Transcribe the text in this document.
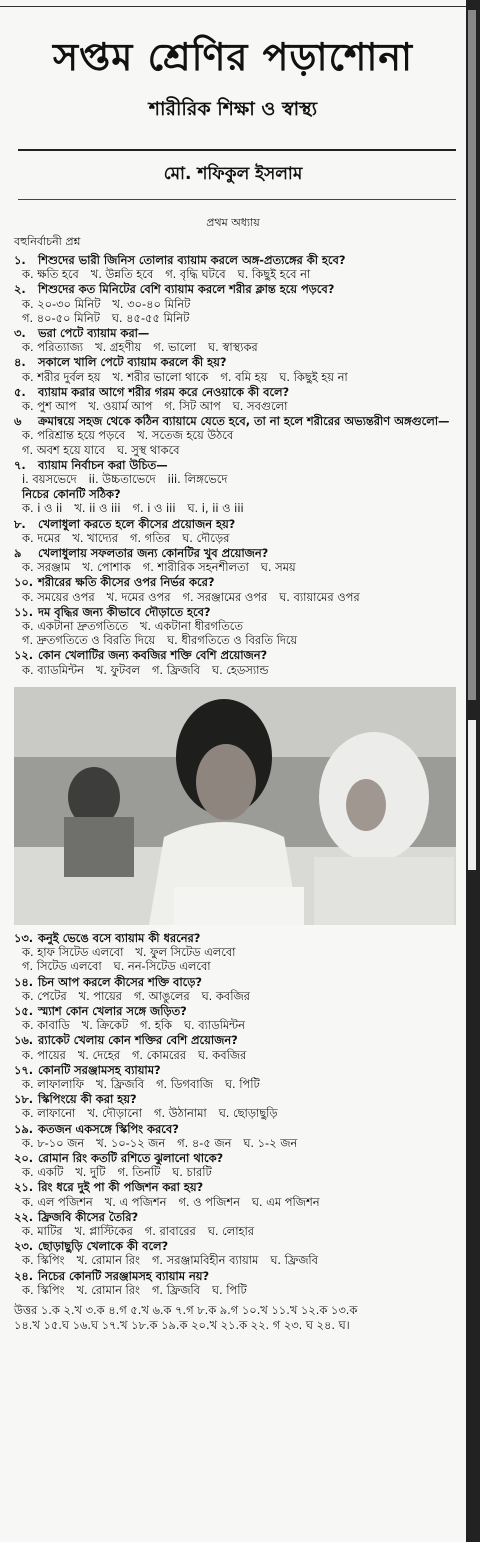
সপ্তম শ্রেণির পড়াশোনা
শারীরিক শিক্ষা ও স্বাস্থ্য
মো. শফিকুল ইসলাম
প্রথম অধ্যায়
বহুনির্বাচনী প্রশ্ন
১. শিশুদের ভারী জিনিস তোলার ব্যায়াম করলে অঙ্গ-প্রত্যঙ্গের কী হবে?
ক. ক্ষতি হবে খ. উন্নতি হবে গ. বৃদ্ধি ঘটবে ঘ. কিছুই হবে না
২. শিশুদের কত মিনিটের বেশি ব্যায়াম করলে শরীর ক্লান্ত হয়ে পড়বে?
ক. ২০-৩০ মিনিট খ. ৩০-৪০ মিনিট
গ. ৪০-৫০ মিনিট ঘ. ৪৫-৫৫ মিনিট
৩. ভরা পেটে ব্যায়াম করা—
ক. পরিত্যাজ্য খ. গ্রহণীয় গ. ভালো ঘ. স্বাস্থ্যকর
৪. সকালে খালি পেটে ব্যায়াম করলে কী হয়?
ক. শরীর দুর্বল হয় খ. শরীর ভালো থাকে গ. বমি হয় ঘ. কিছুই হয় না
৫. ব্যায়াম করার আগে শরীর গরম করে নেওয়াকে কী বলে?
ক. পুশ আপ খ. ওয়ার্ম আপ গ. সিট আপ ঘ. সবগুলো
৬ ক্রমান্বয়ে সহজ থেকে কঠিন ব্যায়ামে যেতে হবে, তা না হলে শরীরের অভ্যন্তরীণ অঙ্গগুলো—
ক. পরিশ্রান্ত হয়ে পড়বে খ. সতেজ হয়ে উঠবে
গ. অবশ হয়ে যাবে ঘ. সুস্থ থাকবে
৭. ব্যায়াম নির্বাচন করা উচিত—
i. বয়সভেদে ii. উচ্চতাভেদে iii. লিঙ্গভেদে
নিচের কোনটি সঠিক?
ক. i ও ii খ. ii ও iii গ. i ও iii ঘ. i, ii ও iii
৮. খেলাধুলা করতে হলে কীসের প্রয়োজন হয়?
ক. দমের খ. খাদ্যের গ. গতির ঘ. দৌড়ের
৯ খেলাধুলায় সফলতার জন্য কোনটির খুব প্রয়োজন?
ক. সরঞ্জাম খ. পোশাক গ. শারীরিক সহনশীলতা ঘ. সময়
১০. শরীরের ক্ষতি কীসের ওপর নির্ভর করে?
ক. সময়ের ওপর খ. দমের ওপর গ. সরঞ্জামের ওপর ঘ. ব্যায়ামের ওপর
১১. দম বৃদ্ধির জন্য কীভাবে দৌড়াতে হবে?
ক. একটানা দ্রুতগতিতে খ. একটানা ধীরগতিতে
গ. দ্রুতগতিতে ও বিরতি দিয়ে ঘ. ধীরগতিতে ও বিরতি দিয়ে
১২. কোন খেলাটির জন্য কবজির শক্তি বেশি প্রয়োজন?
ক. ব্যাডমিন্টন খ. ফুটবল গ. ফ্রিজবি ঘ. হেডস্যান্ড
১৩. কনুই ভেঙে বসে ব্যায়াম কী ধরনের?
ক. হাফ সিটেড এলবো খ. ফুল সিটেড এলবো
গ. সিটেড এলবো ঘ. নন-সিটেড এলবো
১৪. চিন আপ করলে কীসের শক্তি বাড়ে?
ক. পেটের খ. পায়ের গ. আঙুলের ঘ. কবজির
১৫. স্ম্যাশ কোন খেলার সঙ্গে জড়িত?
ক. কাবাডি খ. ক্রিকেট গ. হকি ঘ. ব্যাডমিন্টন
১৬. র‍্যাকেট খেলায় কোন শক্তির বেশি প্রয়োজন?
ক. পায়ের খ. দেহের গ. কোমরের ঘ. কবজির
১৭. কোনটি সরঞ্জামসহ ব্যায়াম?
ক. লাফালাফি খ. ফ্রিজবি গ. ডিগবাজি ঘ. পিটি
১৮. স্কিপিংয়ে কী করা হয়?
ক. লাফানো খ. দৌড়ানো গ. উঠানামা ঘ. ছোড়াছুড়ি
১৯. কতজন একসঙ্গে স্কিপিং করবে?
ক. ৮-১০ জন খ. ১০-১২ জন গ. ৪-৫ জন ঘ. ১-২ জন
২০. রোমান রিং কতটি রশিতে ঝুলানো থাকে?
ক. একটি খ. দুটি গ. তিনটি ঘ. চারটি
২১. রিং ধরে দুই পা কী পজিশন করা হয়?
ক. এল পজিশন খ. এ পজিশন গ. ও পজিশন ঘ. এম পজিশন
২২. ফ্রিজবি কীসের তৈরি?
ক. মাটির খ. প্লাস্টিকের গ. রাবারের ঘ. লোহার
২৩. ছোড়াছুড়ি খেলাকে কী বলে?
ক. স্কিপিং খ. রোমান রিং গ. সরঞ্জামবিহীন ব্যায়াম ঘ. ফ্রিজবি
২৪. নিচের কোনটি সরঞ্জামসহ ব্যায়াম নয়?
ক. স্কিপিং খ. রোমান রিং গ. ফ্রিজবি ঘ. পিটি
উত্তর ১.ক ২.খ ৩.ক ৪.গ ৫.খ ৬.ক ৭.গ ৮.ক ৯.গ ১০.খ ১১.খ ১২.ক ১৩.ক
১৪.খ ১৫.ঘ ১৬.ঘ ১৭.খ ১৮.ক ১৯.ক ২০.খ ২১.ক ২২. গ ২৩. ঘ ২৪. ঘ।
